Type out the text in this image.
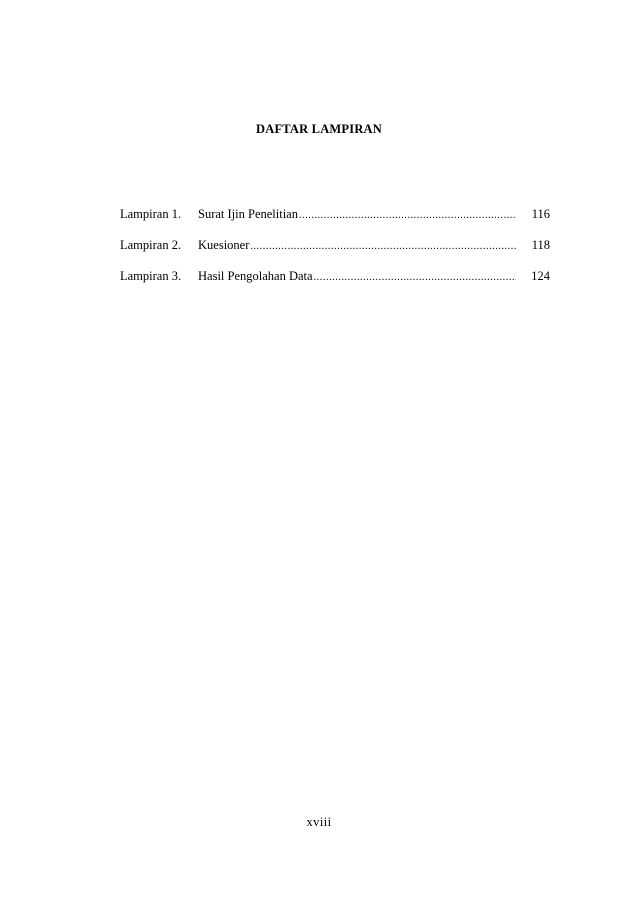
DAFTAR LAMPIRAN
Lampiran 1.	Surat Ijin Penelitian .....	116
Lampiran 2.	Kuesioner .....	118
Lampiran 3.	Hasil Pengolahan Data .....	124
xviii
